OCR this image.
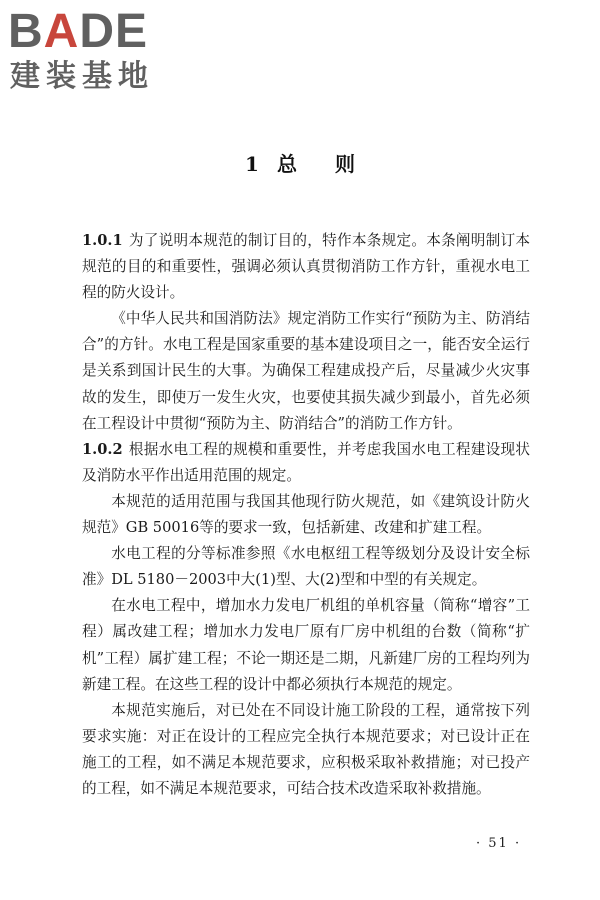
BADE
建装基地
1 总 则

1.0.1 为了说明本规范的制订目的，特作本条规定。本条阐明制订本规范的目的和重要性，强调必须认真贯彻消防工作方针，重视水电工程的防火设计。

《中华人民共和国消防法》规定消防工作实行“预防为主、防消结合”的方针。水电工程是国家重要的基本建设项目之一，能否安全运行是关系到国计民生的大事。为确保工程建成投产后，尽量减少火灾事故的发生，即使万一发生火灾，也要使其损失减少到最小，首先必须在工程设计中贯彻“预防为主、防消结合”的消防工作方针。

1.0.2 根据水电工程的规模和重要性，并考虑我国水电工程建设现状及消防水平作出适用范围的规定。

本规范的适用范围与我国其他现行防火规范，如《建筑设计防火规范》GB 50016等的要求一致，包括新建、改建和扩建工程。

水电工程的分等标准参照《水电枢纽工程等级划分及设计安全标准》DL 5180－2003中大(1)型、大(2)型和中型的有关规定。

在水电工程中，增加水力发电厂机组的单机容量（简称“增容”工程）属改建工程；增加水力发电厂原有厂房中机组的台数（简称“扩机”工程）属扩建工程；不论一期还是二期，凡新建厂房的工程均列为新建工程。在这些工程的设计中都必须执行本规范的规定。

本规范实施后，对已处在不同设计施工阶段的工程，通常按下列要求实施：对正在设计的工程应完全执行本规范要求；对已设计正在施工的工程，如不满足本规范要求，应积极采取补救措施；对已投产的工程，如不满足本规范要求，可结合技术改造采取补救措施。

· 51 ·
